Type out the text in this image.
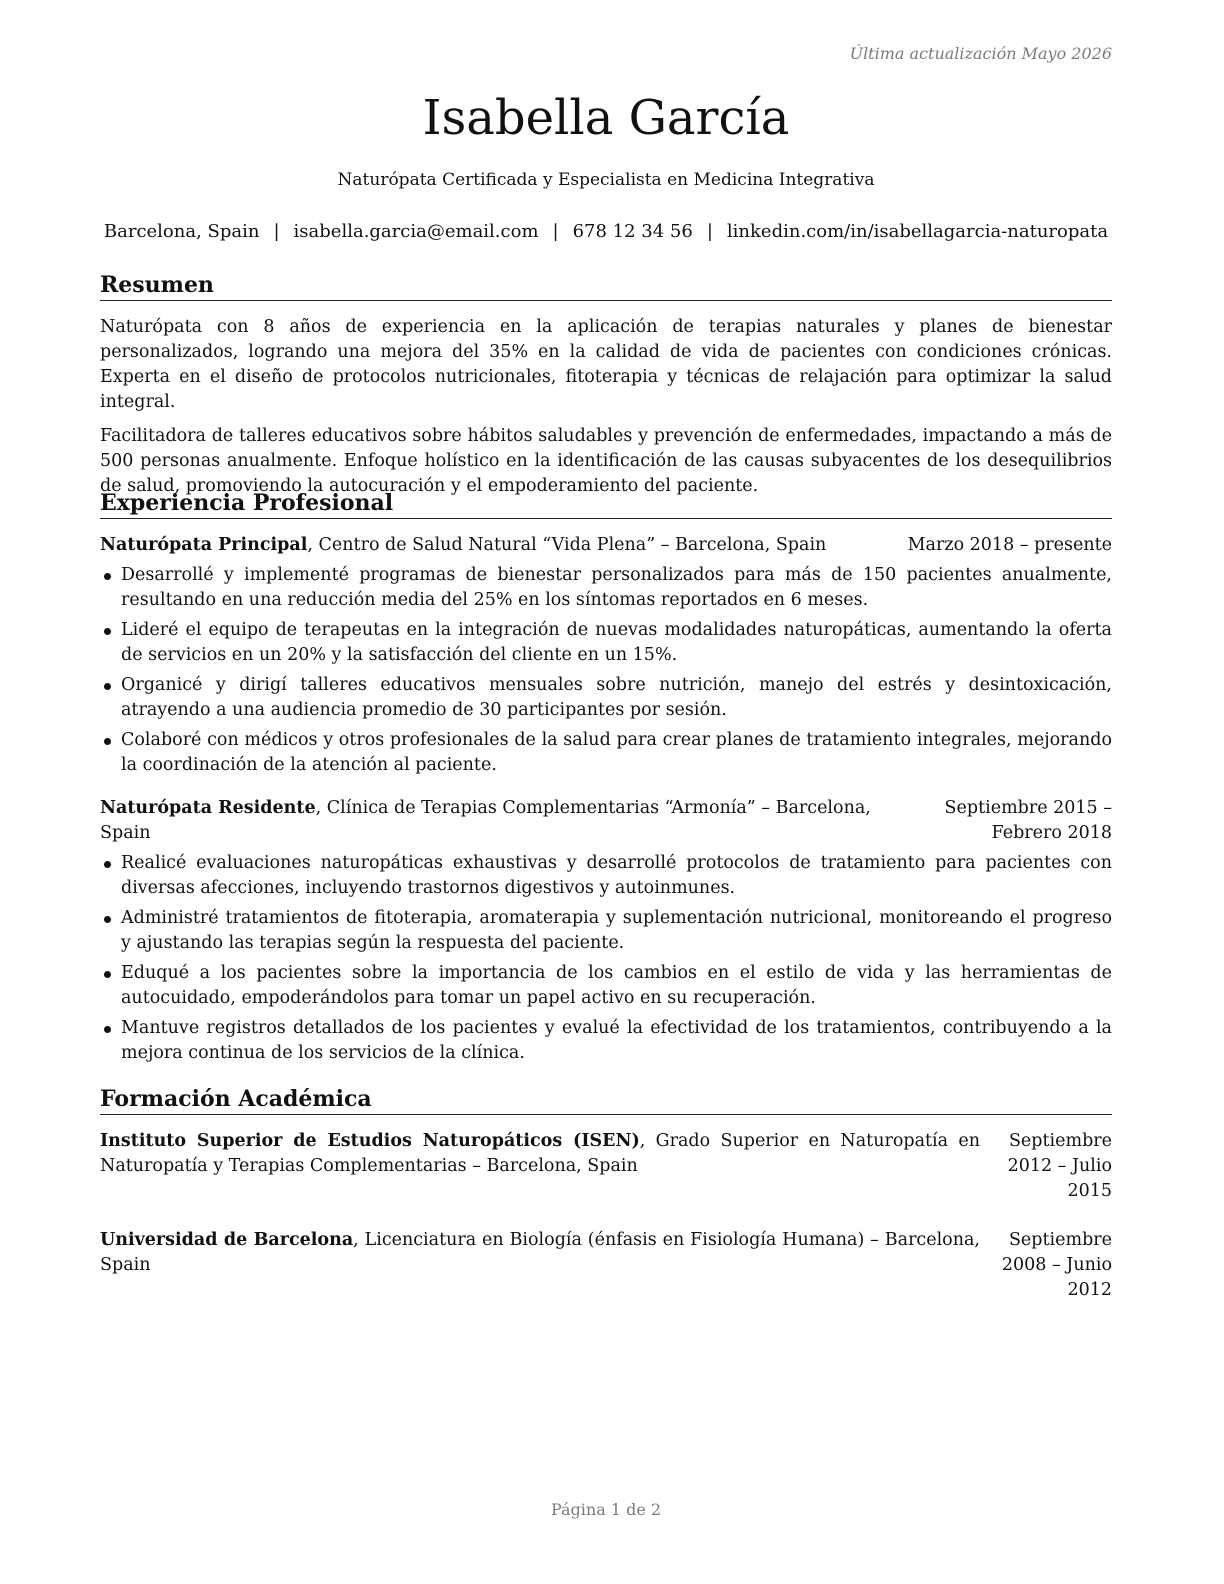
Última actualización Mayo 2026
Isabella García
Naturópata Certificada y Especialista en Medicina Integrativa
Barcelona, Spain | isabella.garcia@email.com | 678 12 34 56 | linkedin.com/in/isabellagarcia-naturopata
Resumen

Naturópata con 8 años de experiencia en la aplicación de terapias naturales y planes de bienestar personalizados, logrando una mejora del 35% en la calidad de vida de pacientes con condiciones crónicas. Experta en el diseño de protocolos nutricionales, fitoterapia y técnicas de relajación para optimizar la salud integral.

Facilitadora de talleres educativos sobre hábitos saludables y prevención de enfermedades, impactando a más de 500 personas anualmente. Enfoque holístico en la identificación de las causas subyacentes de los desequilibrios de salud, promoviendo la autocuración y el empoderamiento del paciente.

Experiencia Profesional
Naturópata Principal, Centro de Salud Natural “Vida Plena” – Barcelona, Spain	Marzo 2018 – presente
Desarrollé y implementé programas de bienestar personalizados para más de 150 pacientes anualmente, resultando en una reducción media del 25% en los síntomas reportados en 6 meses.
Lideré el equipo de terapeutas en la integración de nuevas modalidades naturopáticas, aumentando la oferta de servicios en un 20% y la satisfacción del cliente en un 15%.
Organicé y dirigí talleres educativos mensuales sobre nutrición, manejo del estrés y desintoxicación, atrayendo a una audiencia promedio de 30 participantes por sesión.
Colaboré con médicos y otros profesionales de la salud para crear planes de tratamiento integrales, mejorando la coordinación de la atención al paciente.
Naturópata Residente, Clínica de Terapias Complementarias “Armonía” – Barcelona, Spain
Septiembre 2015 – Febrero 2018
Realicé evaluaciones naturopáticas exhaustivas y desarrollé protocolos de tratamiento para pacientes con diversas afecciones, incluyendo trastornos digestivos y autoinmunes.
Administré tratamientos de fitoterapia, aromaterapia y suplementación nutricional, monitoreando el progreso y ajustando las terapias según la respuesta del paciente.
Eduqué a los pacientes sobre la importancia de los cambios en el estilo de vida y las herramientas de autocuidado, empoderándolos para tomar un papel activo en su recuperación.
Mantuve registros detallados de los pacientes y evalué la efectividad de los tratamientos, contribuyendo a la mejora continua de los servicios de la clínica.
Formación Académica
Instituto Superior de Estudios Naturopáticos (ISEN), Grado Superior en Naturopatía en Naturopatía y Terapias Complementarias – Barcelona, Spain
Septiembre 2012 – Julio 2015
Universidad de Barcelona, Licenciatura en Biología (énfasis en Fisiología Humana) – Barcelona, Spain
Septiembre 2008 – Junio 2012
Página 1 de 2
